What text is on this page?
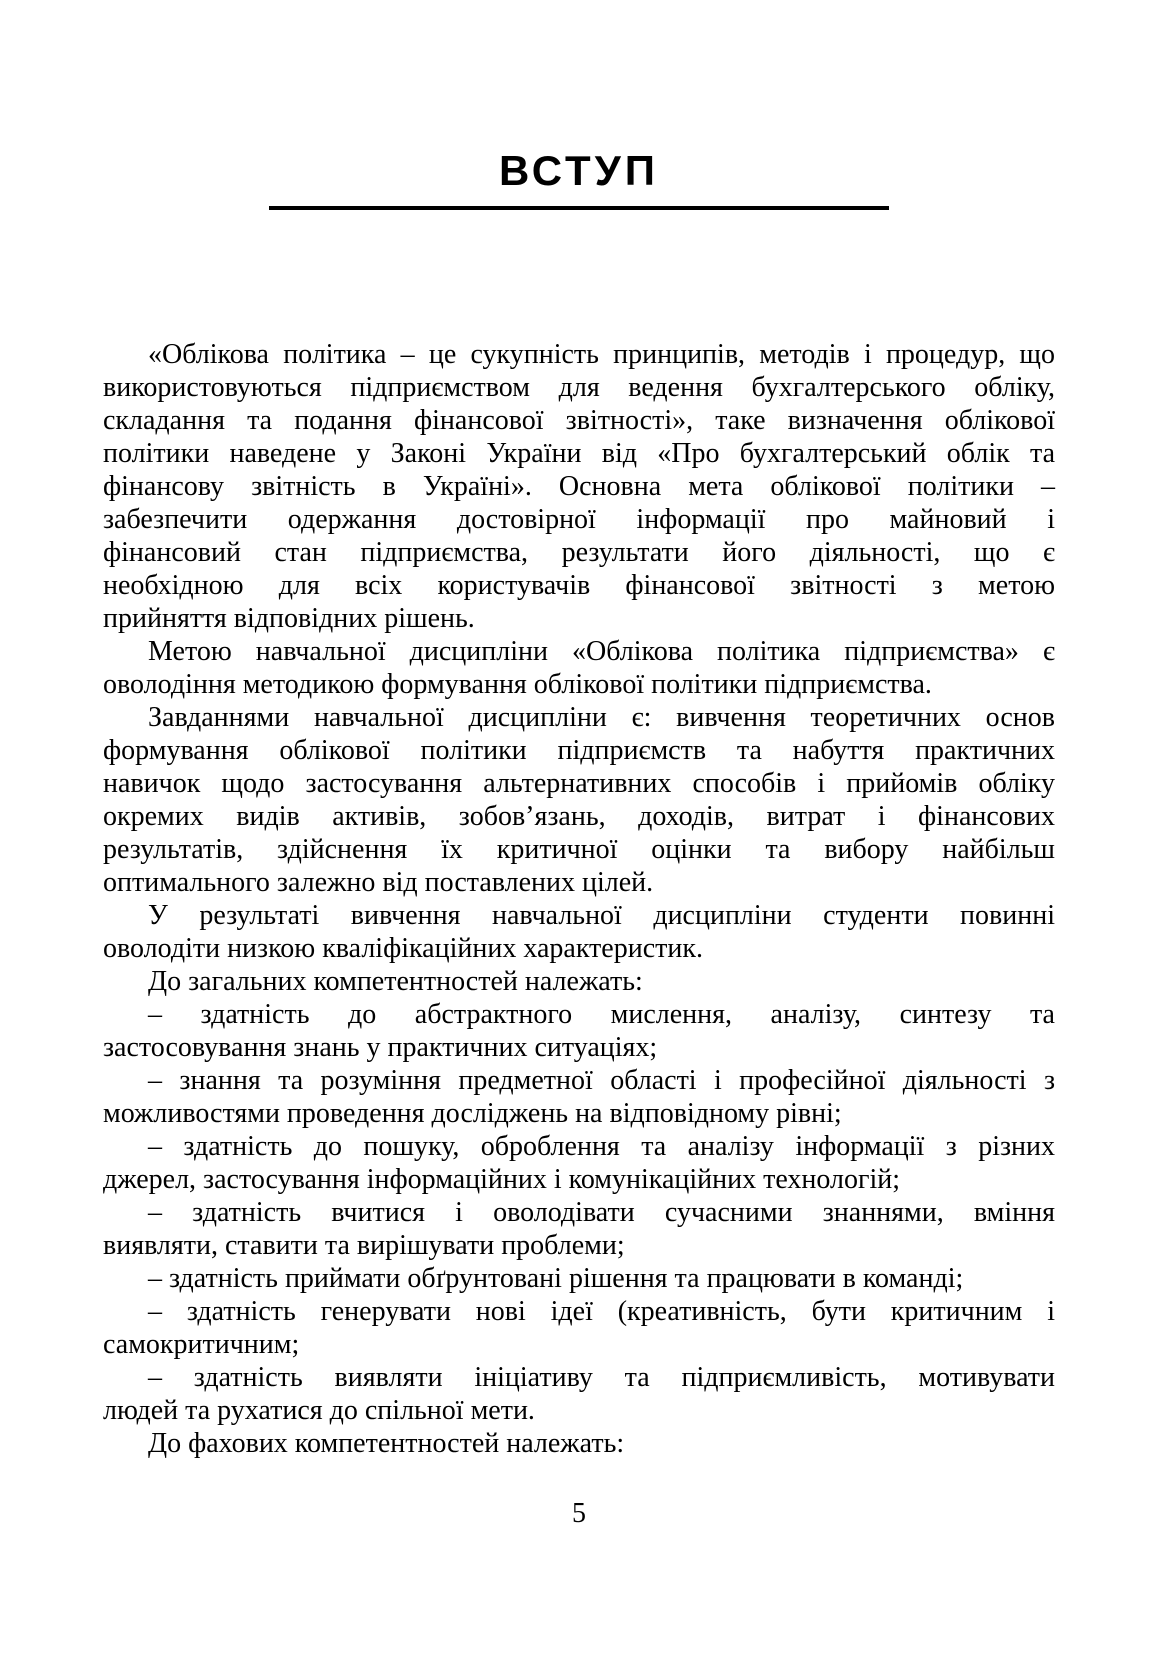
ВСТУП
«Облікова політика – це сукупність принципів, методів і процедур, що
використовуються підприємством для ведення бухгалтерського обліку,
складання та подання фінансової звітності», таке визначення облікової
політики наведене у Законі України від «Про бухгалтерський облік та
фінансову звітність в Україні». Основна мета облікової політики –
забезпечити одержання достовірної інформації про майновий і
фінансовий стан підприємства, результати його діяльності, що є
необхідною для всіх користувачів фінансової звітності з метою
прийняття відповідних рішень.
Метою навчальної дисципліни «Облікова політика підприємства» є
оволодіння методикою формування облікової політики підприємства.
Завданнями навчальної дисципліни є: вивчення теоретичних основ
формування облікової політики підприємств та набуття практичних
навичок щодо застосування альтернативних способів і прийомів обліку
окремих видів активів, зобов’язань, доходів, витрат і фінансових
результатів, здійснення їх критичної оцінки та вибору найбільш
оптимального залежно від поставлених цілей.
У результаті вивчення навчальної дисципліни студенти повинні
оволодіти низкою кваліфікаційних характеристик.
До загальних компетентностей належать:
– здатність до абстрактного мислення, аналізу, синтезу та
застосовування знань у практичних ситуаціях;
– знання та розуміння предметної області і професійної діяльності з
можливостями проведення досліджень на відповідному рівні;
– здатність до пошуку, оброблення та аналізу інформації з різних
джерел, застосування інформаційних і комунікаційних технологій;
– здатність вчитися і оволодівати сучасними знаннями, вміння
виявляти, ставити та вирішувати проблеми;
– здатність приймати обґрунтовані рішення та працювати в команді;
– здатність генерувати нові ідеї (креативність, бути критичним і
самокритичним;
– здатність виявляти ініціативу та підприємливість, мотивувати
людей та рухатися до спільної мети.
До фахових компетентностей належать:
5
